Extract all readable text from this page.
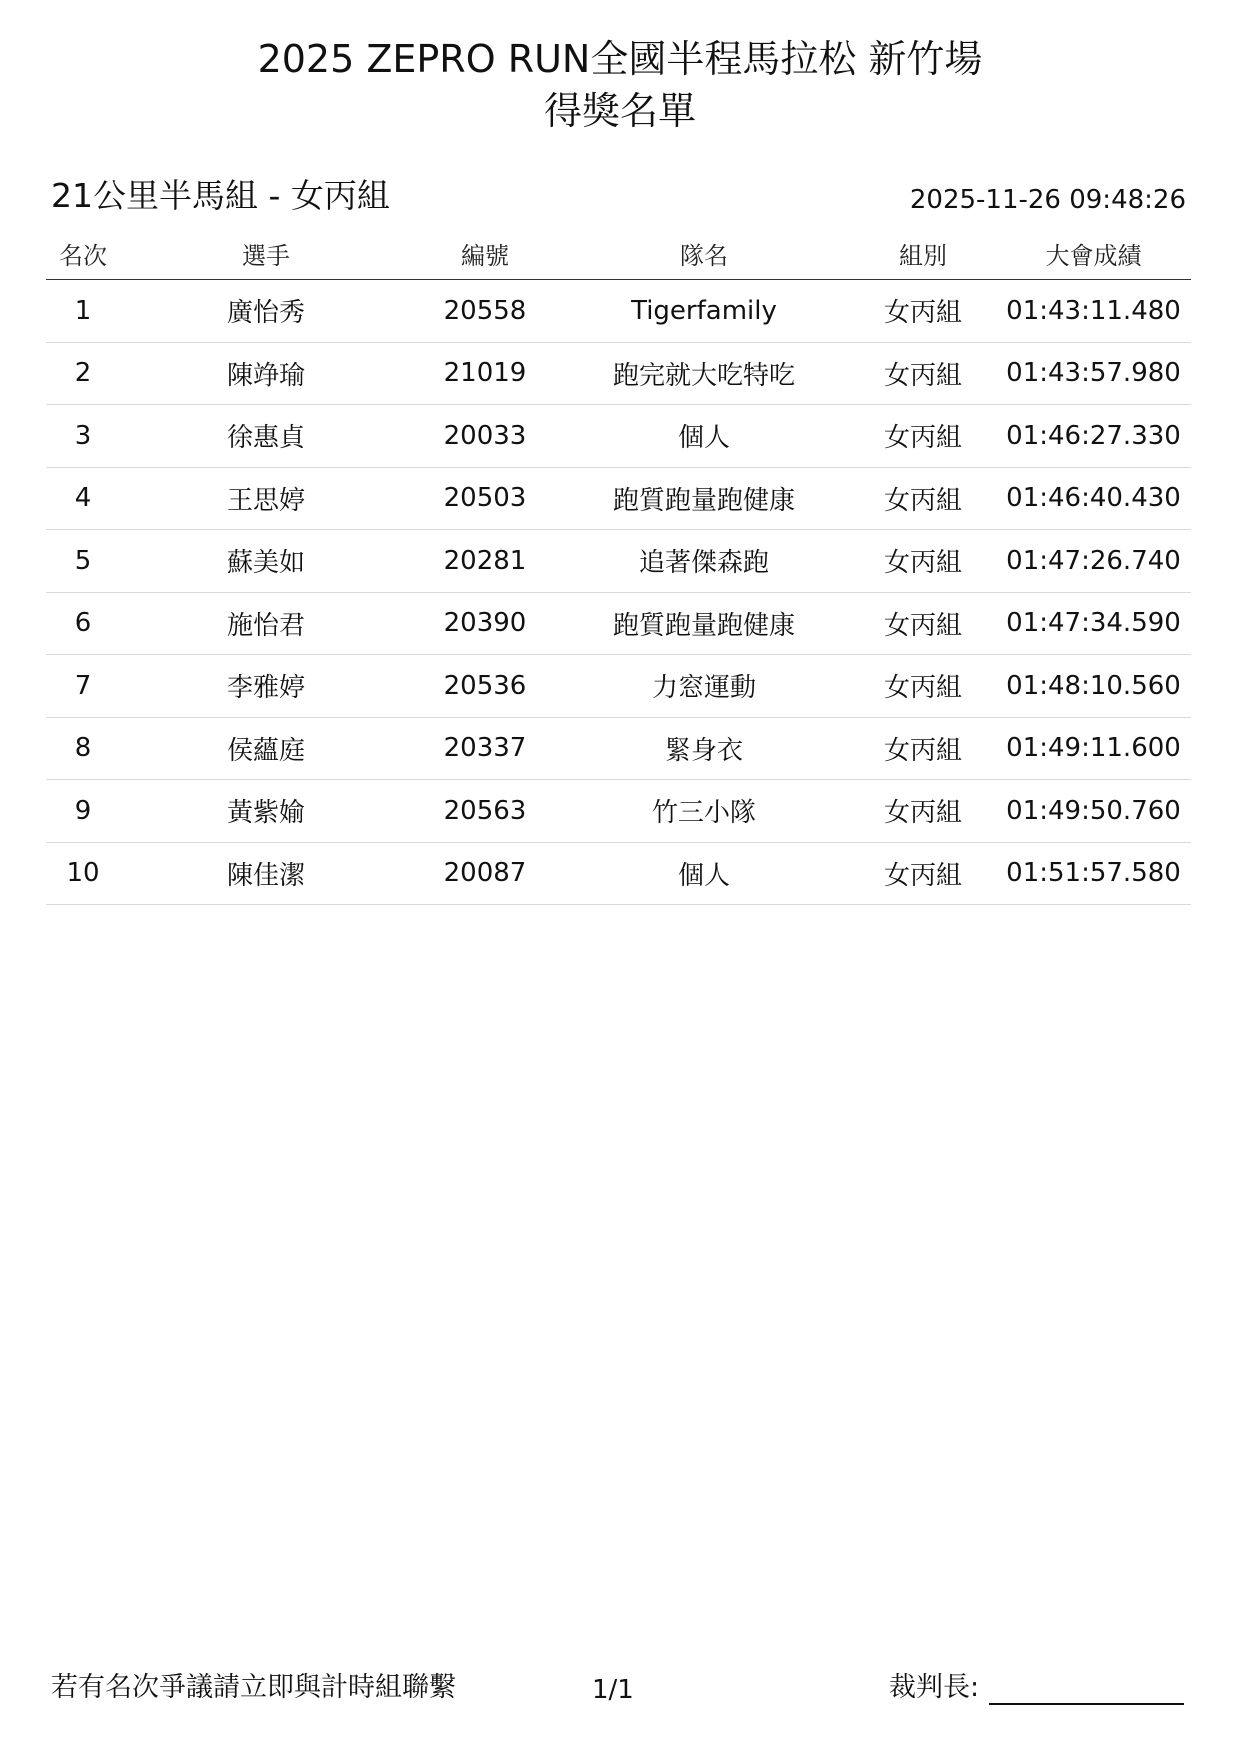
2025 ZEPRO RUN全國半程馬拉松 新竹場
得獎名單
21公里半馬組 - 女丙組	2025-11-26 09:48:26
名次	選手	編號	隊名	組別	大會成績
1	廣怡秀	20558	Tigerfamily	女丙組	01:43:11.480
2	陳竫瑜	21019	跑完就大吃特吃	女丙組	01:43:57.980
3	徐惠貞	20033	個人	女丙組	01:46:27.330
4	王思婷	20503	跑質跑量跑健康	女丙組	01:46:40.430
5	蘇美如	20281	追著傑森跑	女丙組	01:47:26.740
6	施怡君	20390	跑質跑量跑健康	女丙組	01:47:34.590
7	李雅婷	20536	力窓運動	女丙組	01:48:10.560
8	侯蘊庭	20337	緊身衣	女丙組	01:49:11.600
9	黃紫媮	20563	竹三小隊	女丙組	01:49:50.760
10	陳佳潔	20087	個人	女丙組	01:51:57.580
若有名次爭議請立即與計時組聯繫	1/1	裁判長:
